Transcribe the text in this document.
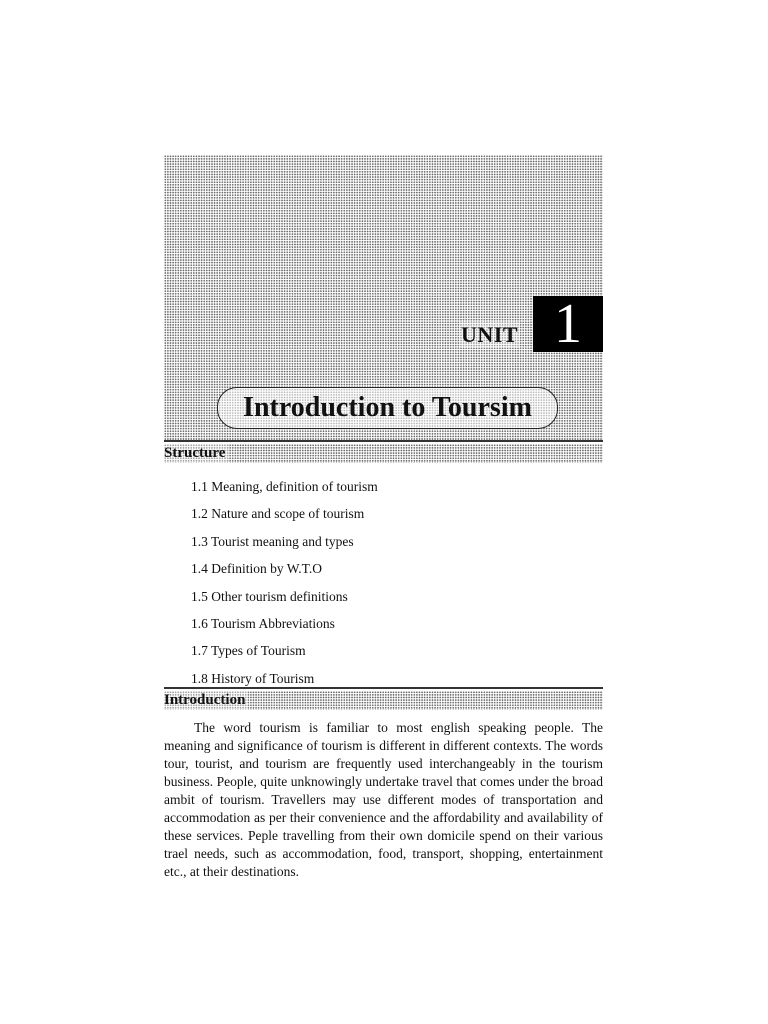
UNIT 1
Introduction to Toursim
Structure
1.1 Meaning, definition of tourism
1.2 Nature and scope of tourism
1.3 Tourist meaning and types
1.4 Definition by W.T.O
1.5 Other tourism definitions
1.6 Tourism Abbreviations
1.7 Types of Tourism
1.8 History of Tourism
Introduction

The word tourism is familiar to most english speaking people. The meaning and significance of tourism is different in different contexts. The words tour, tourist, and tourism are frequently used interchangeably in the tourism business. People, quite unknowingly undertake travel that comes under the broad ambit of tourism. Travellers may use different modes of transportation and accommodation as per their convenience and the affordability and availability of these services. Peple travelling from their own domicile spend on their various trael needs, such as accommodation, food, transport, shopping, entertainment etc., at their destinations.
